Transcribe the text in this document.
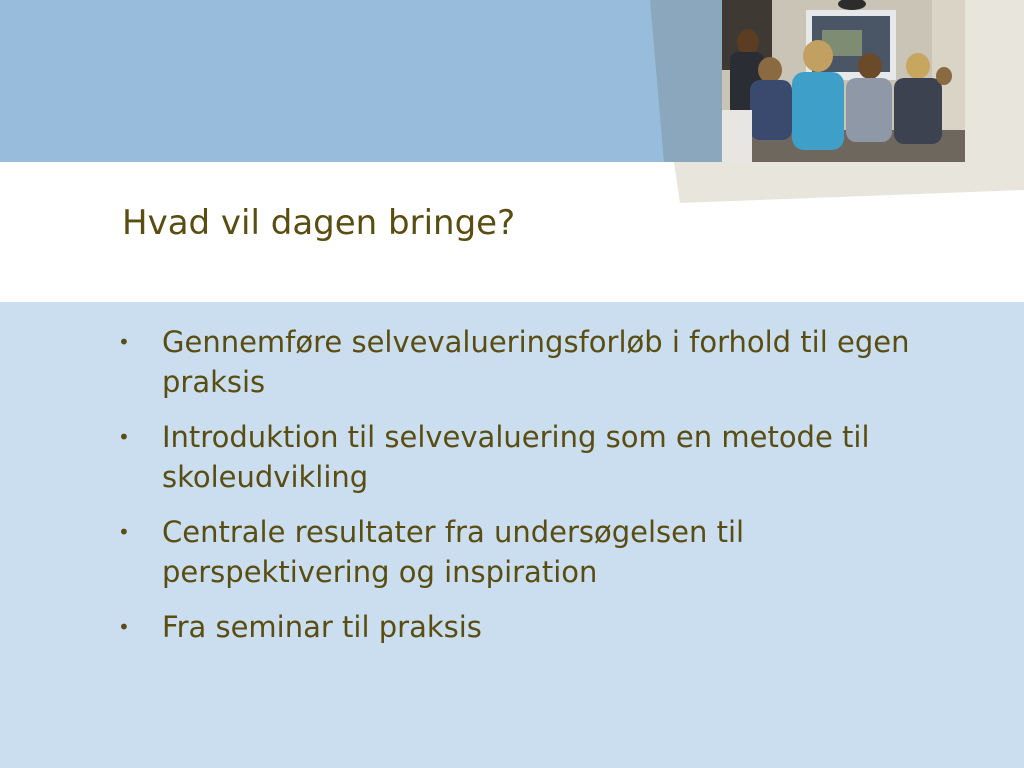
Hvad vil dagen bringe?
• Gennemføre selvevalueringsforløb i forhold til egen praksis
• Introduktion til selvevaluering som en metode til skoleudvikling
• Centrale resultater fra undersøgelsen til perspektivering og inspiration
• Fra seminar til praksis
